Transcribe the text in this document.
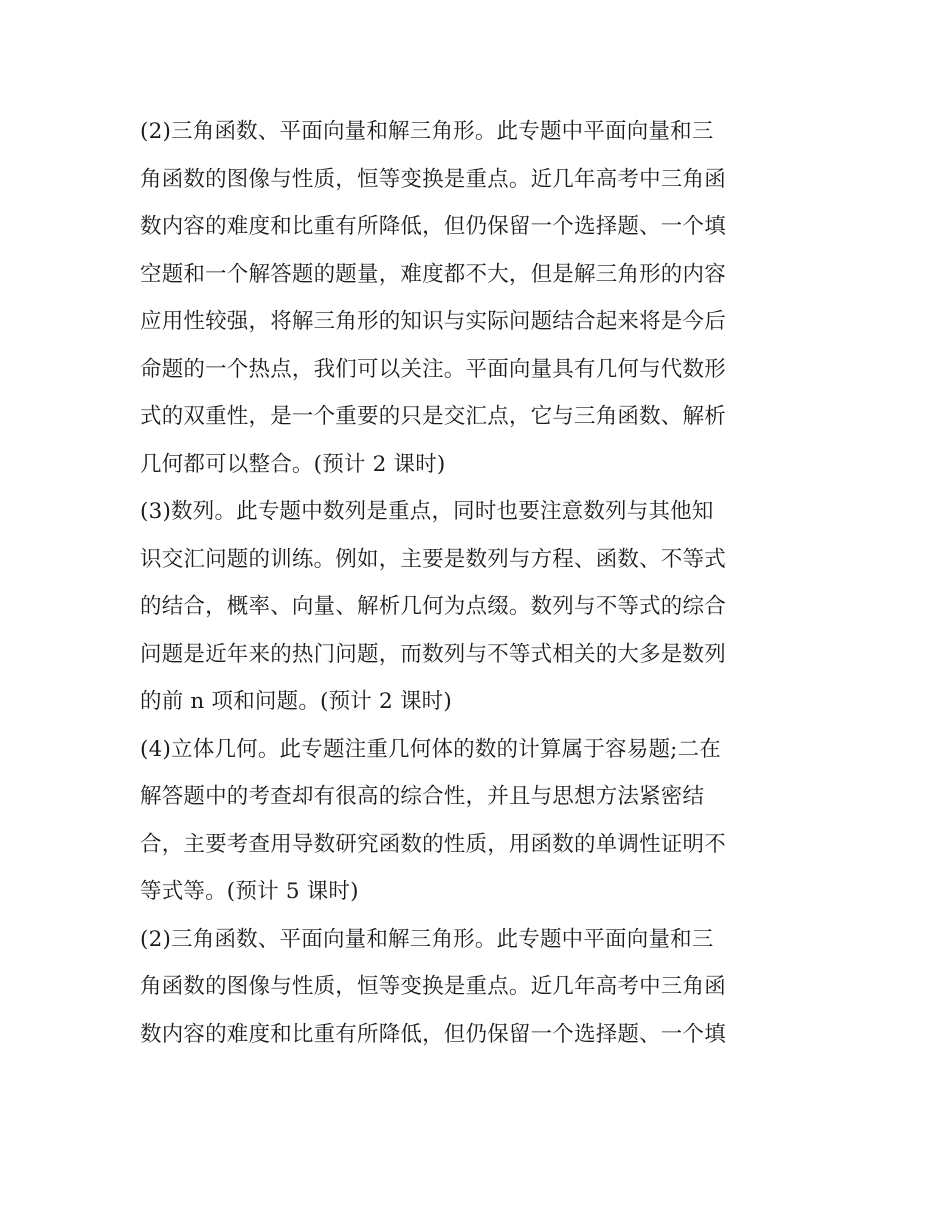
(2)三角函数、平面向量和解三角形。此专题中平面向量和三
角函数的图像与性质，恒等变换是重点。近几年高考中三角函
数内容的难度和比重有所降低，但仍保留一个选择题、一个填
空题和一个解答题的题量，难度都不大，但是解三角形的内容
应用性较强，将解三角形的知识与实际问题结合起来将是今后
命题的一个热点，我们可以关注。平面向量具有几何与代数形
式的双重性，是一个重要的只是交汇点，它与三角函数、解析
几何都可以整合。(预计 2 课时)
(3)数列。此专题中数列是重点，同时也要注意数列与其他知
识交汇问题的训练。例如，主要是数列与方程、函数、不等式
的结合，概率、向量、解析几何为点缀。数列与不等式的综合
问题是近年来的热门问题，而数列与不等式相关的大多是数列
的前 n 项和问题。(预计 2 课时)
(4)立体几何。此专题注重几何体的数的计算属于容易题;二在
解答题中的考查却有很高的综合性，并且与思想方法紧密结
合，主要考查用导数研究函数的性质，用函数的单调性证明不
等式等。(预计 5 课时)
(2)三角函数、平面向量和解三角形。此专题中平面向量和三
角函数的图像与性质，恒等变换是重点。近几年高考中三角函
数内容的难度和比重有所降低，但仍保留一个选择题、一个填
